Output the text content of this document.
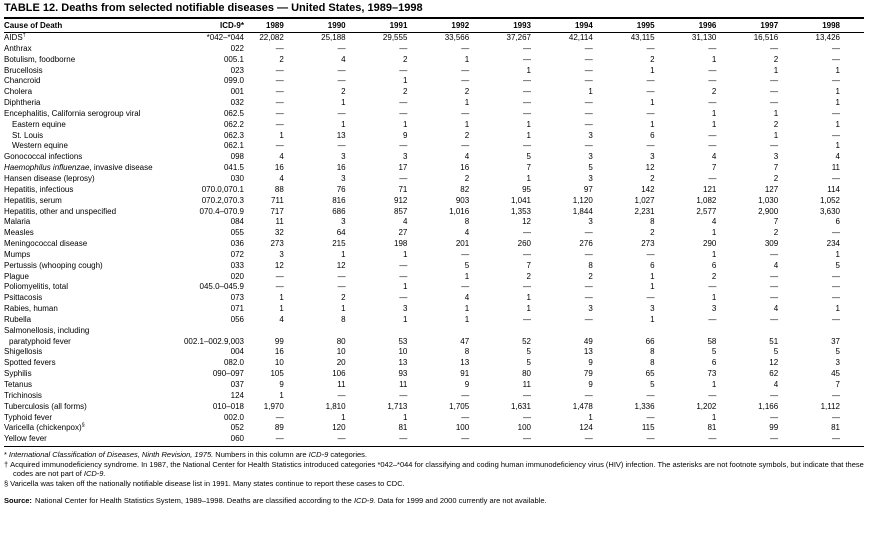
TABLE 12. Deaths from selected notifiable diseases — United States, 1989–1998
Cause of Death	ICD-9*	1989	1990	1991	1992	1993	1994	1995	1996	1997	1998

AIDS†	*042–*044	22,082	25,188	29,555	33,566	37,267	42,114	43,115	31,130	16,516	13,426

Anthrax	022	—	—	—	—	—	—	—	—	—	—

Botulism, foodborne	005.1	2	4	2	1	—	—	2	1	2	—

Brucellosis	023	—	—	—	—	1	—	1	—	1	1

Chancroid	099.0	—	—	1	—	—	—	—	—	—	—

Cholera	001	—	2	2	2	—	1	—	2	—	1

Diphtheria	032	—	1	—	1	—	—	1	—	—	1

Encephalitis, California serogroup viral	062.5	—	—	—	—	—	—	—	1	1	—

Eastern equine	062.2	—	1	1	1	1	—	1	1	2	1

St. Louis	062.3	1	13	9	2	1	3	6	—	1	—

Western equine	062.1	—	—	—	—	—	—	—	—	—	1

Gonococcal infections	098	4	3	3	4	5	3	3	4	3	4

Haemophilus influenzae, invasive disease	041.5	16	16	17	16	7	5	12	7	7	11

Hansen disease (leprosy)	030	4	3	—	2	1	3	2	—	2	—

Hepatitis, infectious	070.0,070.1	88	76	71	82	95	97	142	121	127	114

Hepatitis, serum	070.2,070.3	711	816	912	903	1,041	1,120	1,027	1,082	1,030	1,052

Hepatitis, other and unspecified	070.4–070.9	717	686	857	1,016	1,353	1,844	2,231	2,577	2,900	3,630

Malaria	084	11	3	4	8	12	3	8	4	7	6

Measles	055	32	64	27	4	—	—	2	1	2	—

Meningococcal disease	036	273	215	198	201	260	276	273	290	309	234

Mumps	072	3	1	1	—	—	—	—	1	—	1

Pertussis (whooping cough)	033	12	12	—	5	7	8	6	6	4	5

Plague	020	—	—	—	1	2	2	1	2	—	—

Poliomyelitis, total	045.0–045.9	—	—	1	—	—	—	1	—	—	—

Psittacosis	073	1	2	—	4	1	—	—	1	—	—

Rabies, human	071	1	1	3	1	1	3	3	3	4	1

Rubella	056	4	8	1	1	—	—	1	—	—	—

Salmonellosis, including
paratyphoid fever	002.1–002.9,003	99	80	53	47	52	49	66	58	51	37

Shigellosis	004	16	10	10	8	5	13	8	5	5	5

Spotted fevers	082.0	10	20	13	13	5	9	8	6	12	3

Syphilis	090–097	105	106	93	91	80	79	65	73	62	45

Tetanus	037	9	11	11	9	11	9	5	1	4	7

Trichinosis	124	1	—	—	—	—	—	—	—	—	—

Tuberculosis (all forms)	010–018	1,970	1,810	1,713	1,705	1,631	1,478	1,336	1,202	1,166	1,112

Typhoid fever	002.0	—	1	1	—	—	1	—	1	—	—

Varicella (chickenpox)§	052	89	120	81	100	100	124	115	81	99	81

Yellow fever	060	—	—	—	—	—	—	—	—	—	—
* International Classification of Diseases, Ninth Revision, 1975. Numbers in this column are ICD-9 categories.
† Acquired immunodeficiency syndrome. In 1987, the National Center for Health Statistics introduced categories *042–*044 for classifying and coding human immunodeficiency virus (HIV) infection. The asterisks are not footnote symbols, but indicate that these codes are not part of ICD-9.
§ Varicella was taken off the nationally notifiable disease list in 1991. Many states continue to report these cases to CDC.
Source: National Center for Health Statistics System, 1989–1998. Deaths are classified according to the ICD-9. Data for 1999 and 2000 currently are not available.
